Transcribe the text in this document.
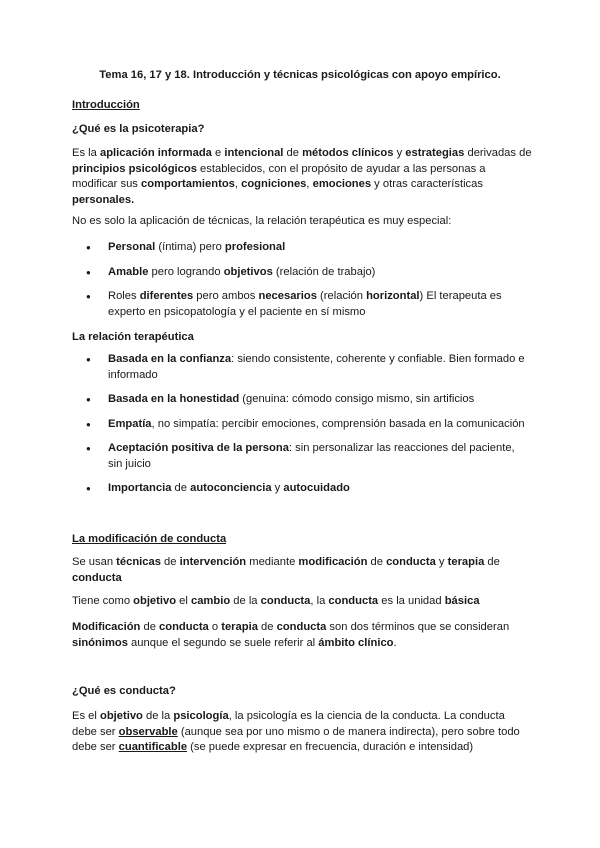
Tema 16, 17 y 18. Introducción y técnicas psicológicas con apoyo empírico.

Introducción

¿Qué es la psicoterapia?

Es la aplicación informada e intencional de métodos clínicos y estrategias derivadas de principios psicológicos establecidos, con el propósito de ayudar a las personas a modificar sus comportamientos, cogniciones, emociones y otras características personales.

No es solo la aplicación de técnicas, la relación terapéutica es muy especial:

● Personal (íntima) pero profesional
● Amable pero logrando objetivos (relación de trabajo)
● Roles diferentes pero ambos necesarios (relación horizontal) El terapeuta es experto en psicopatología y el paciente en sí mismo

La relación terapéutica

● Basada en la confianza: siendo consistente, coherente y confiable. Bien formado e informado
● Basada en la honestidad (genuina: cómodo consigo mismo, sin artificios
● Empatía, no simpatía: percibir emociones, comprensión basada en la comunicación
● Aceptación positiva de la persona: sin personalizar las reacciones del paciente, sin juicio
● Importancia de autoconciencia y autocuidado

La modificación de conducta

Se usan técnicas de intervención mediante modificación de conducta y terapia de conducta

Tiene como objetivo el cambio de la conducta, la conducta es la unidad básica

Modificación de conducta o terapia de conducta son dos términos que se consideran sinónimos aunque el segundo se suele referir al ámbito clínico.

¿Qué es conducta?

Es el objetivo de la psicología, la psicología es la ciencia de la conducta. La conducta debe ser observable (aunque sea por uno mismo o de manera indirecta), pero sobre todo debe ser cuantificable (se puede expresar en frecuencia, duración e intensidad)
